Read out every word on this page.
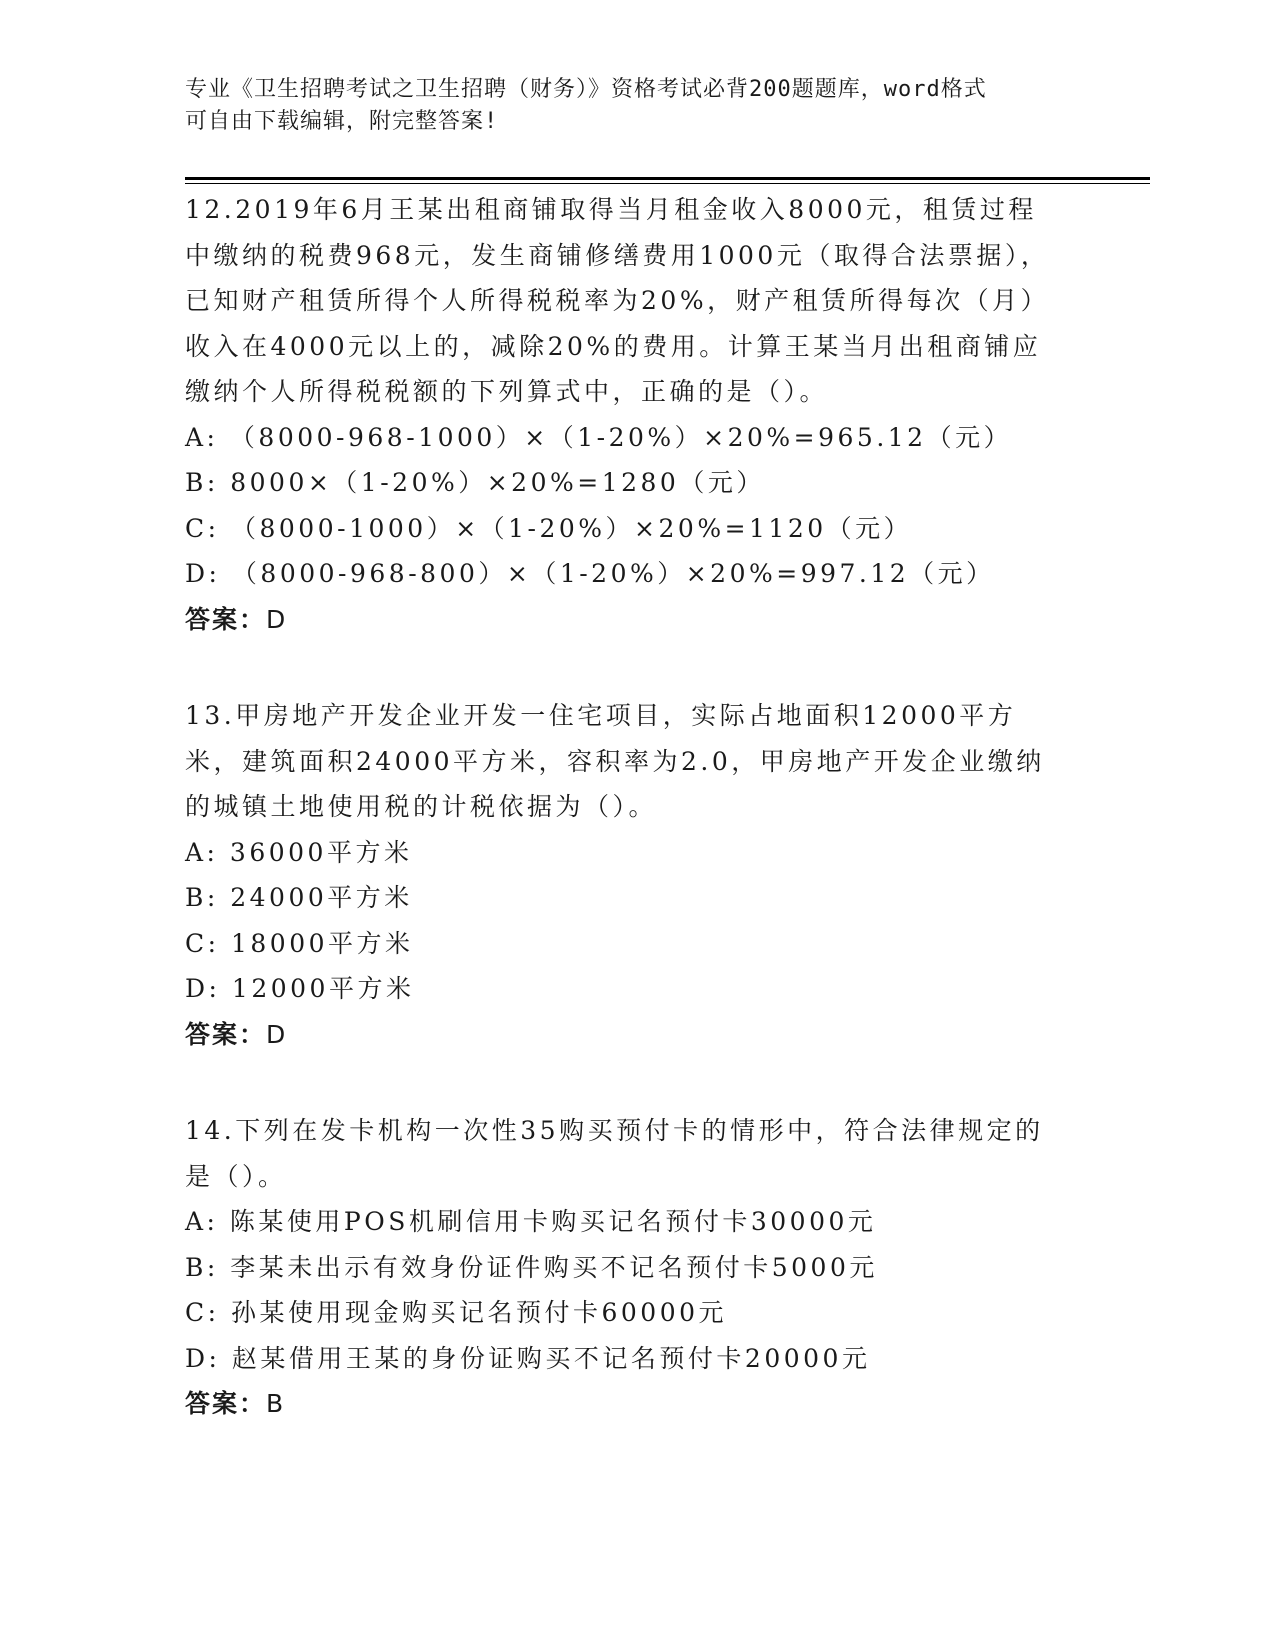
专业《卫生招聘考试之卫生招聘（财务）》资格考试必背200题题库，word格式
可自由下载编辑，附完整答案!
12.2019年6月王某出租商铺取得当月租金收入8000元，租赁过程中缴纳的税费968元，发生商铺修缮费用1000元（取得合法票据），已知财产租赁所得个人所得税税率为20%，财产租赁所得每次（月）收入在4000元以上的，减除20%的费用。计算王某当月出租商铺应缴纳个人所得税税额的下列算式中，正确的是（）。
A: （8000-968-1000）×（1-20%）×20%=965.12（元）
B: 8000×（1-20%）×20%=1280（元）
C: （8000-1000）×（1-20%）×20%=1120（元）
D: （8000-968-800）×（1-20%）×20%=997.12（元）
答案：D
13.甲房地产开发企业开发一住宅项目，实际占地面积12000平方米，建筑面积24000平方米，容积率为2.0，甲房地产开发企业缴纳的城镇土地使用税的计税依据为（）。
A: 36000平方米
B: 24000平方米
C: 18000平方米
D: 12000平方米
答案：D
14.下列在发卡机构一次性35购买预付卡的情形中，符合法律规定的是（）。
A: 陈某使用POS机刷信用卡购买记名预付卡30000元
B: 李某未出示有效身份证件购买不记名预付卡5000元
C: 孙某使用现金购买记名预付卡60000元
D: 赵某借用王某的身份证购买不记名预付卡20000元
答案：B
